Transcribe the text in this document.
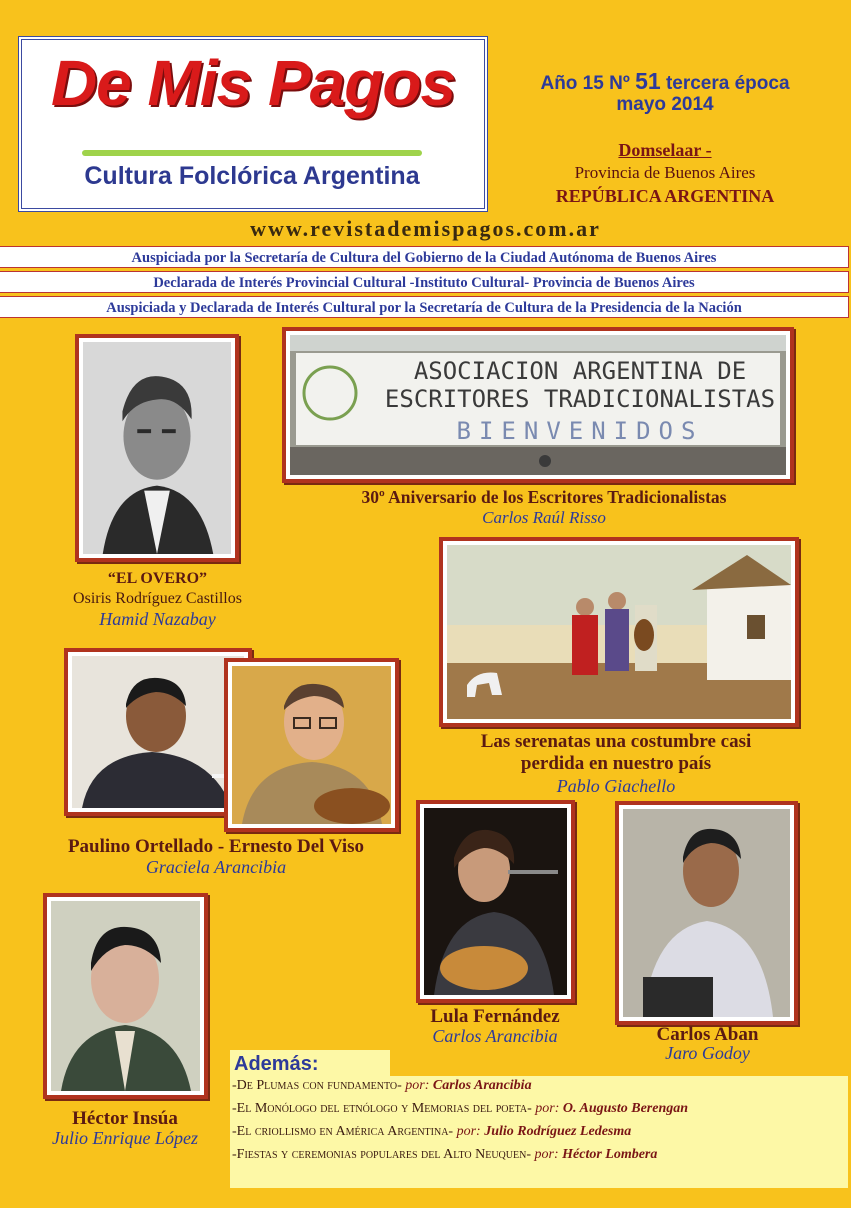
De Mis Pagos
Cultura Folclórica Argentina
Año 15 Nº 51 tercera época
mayo 2014
Domselaar -
Provincia de Buenos Aires
REPÚBLICA ARGENTINA
www.revistademispagos.com.ar
Auspiciada por la Secretaría de Cultura del Gobierno de la Ciudad Autónoma de Buenos Aires
Declarada de Interés Provincial Cultural -Instituto Cultural- Provincia de Buenos Aires
Auspiciada y Declarada de Interés Cultural por la Secretaría de Cultura de la Presidencia de la Nación
“EL OVERO”
Osiris Rodríguez Castillos
Hamid Nazabay
ASOCIACION ARGENTINA DE
ESCRITORES TRADICIONALISTAS
BIENVENIDOS
30º Aniversario de los Escritores Tradicionalistas
Carlos Raúl Risso
Las serenatas una costumbre casi
perdida en nuestro país
Pablo Giachello
Paulino Ortellado - Ernesto Del Viso
Graciela Arancibia
Lula Fernández
Carlos Arancibia	Carlos Aban
Jaro Godoy
Héctor Insúa
Julio Enrique López
Además:
-De Plumas con fundamento- por: Carlos Arancibia
-El Monólogo del etnólogo y Memorias del poeta- por: O. Augusto Berengan
-El criollismo en América Argentina- por: Julio Rodríguez Ledesma
-Fiestas y ceremonias populares del Alto Neuquen- por: Héctor Lombera
